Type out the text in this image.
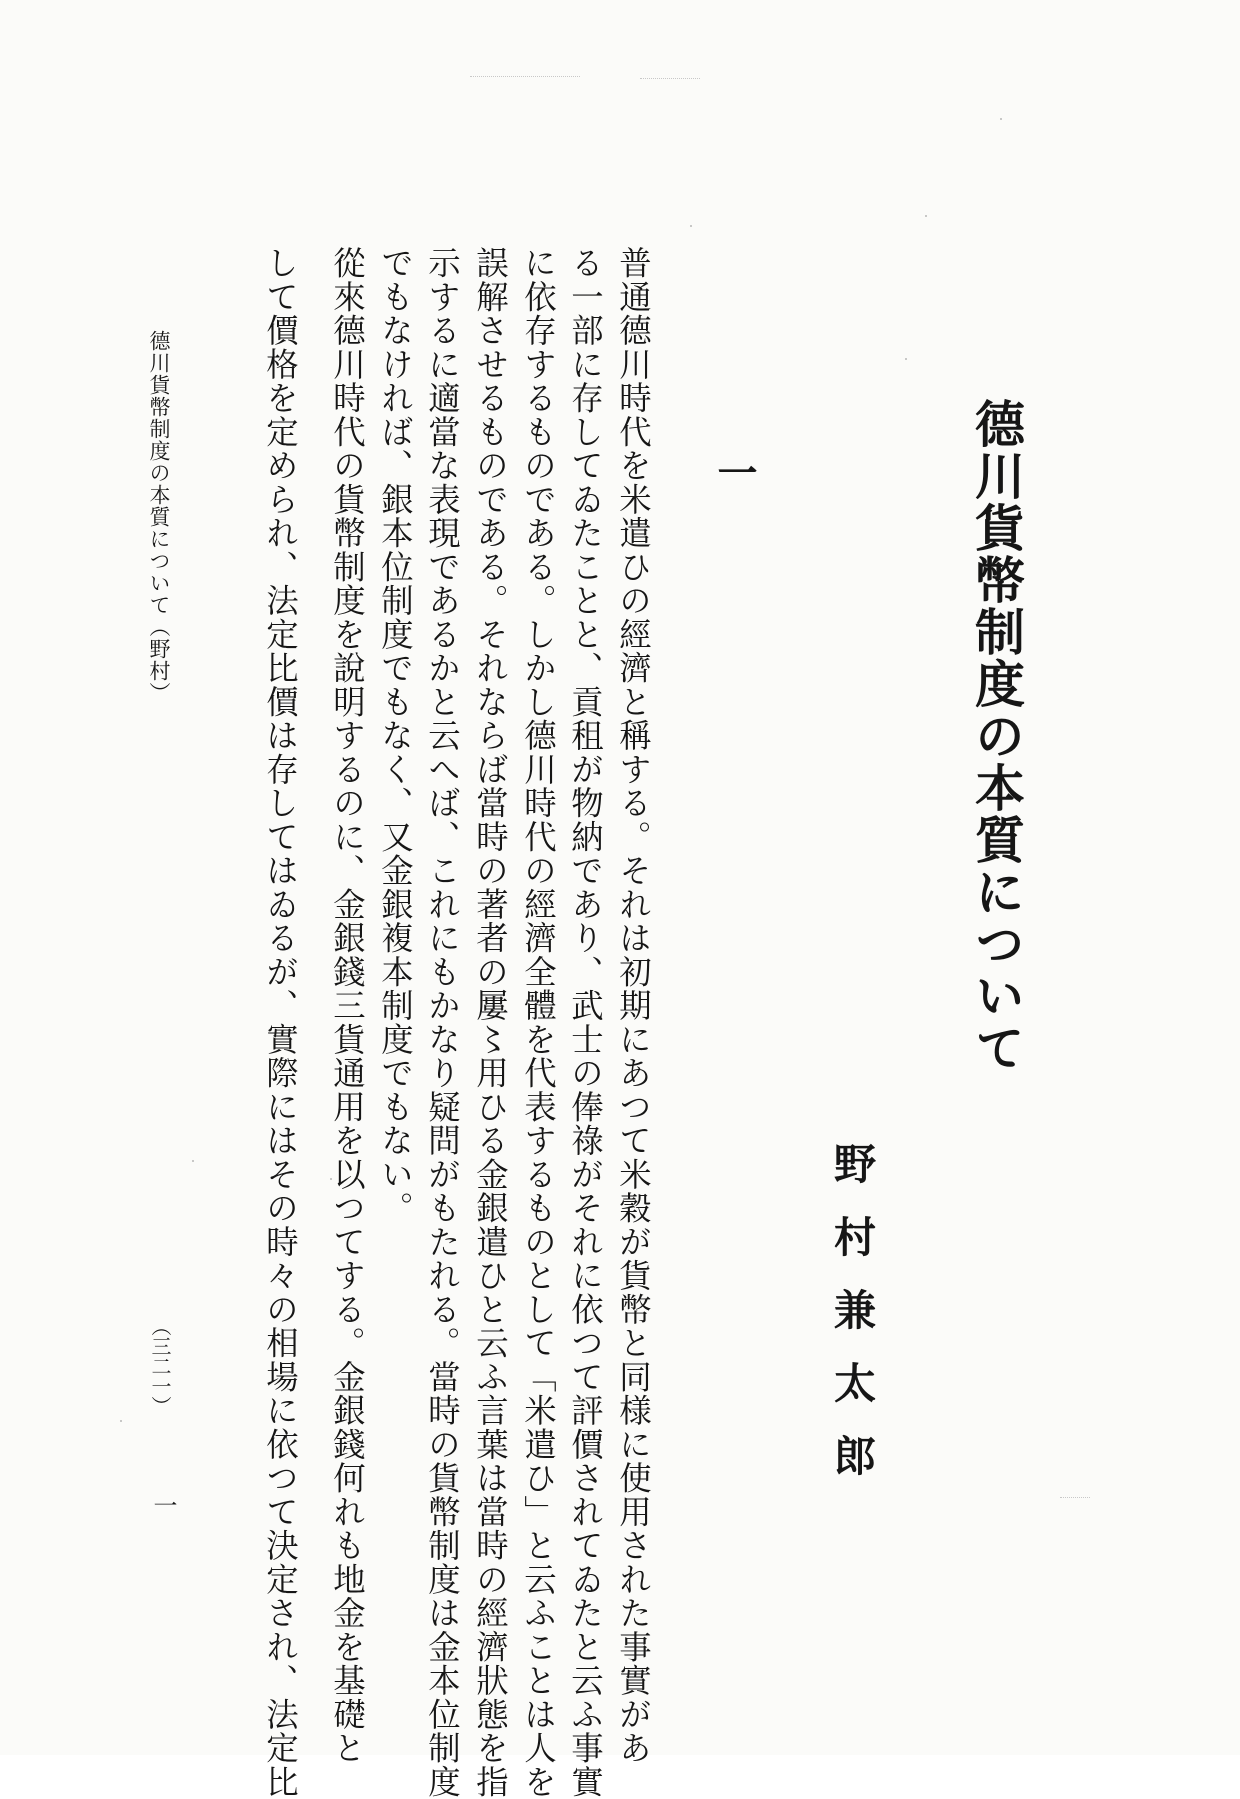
德川貨幣制度の本質について
野村兼太郎
一
普通德川時代を米遣ひの經濟と稱する。それは初期にあつて米穀が貨幣と同様に使用された事實があ
る一部に存してゐたことと、貢租が物納であり、武士の俸祿がそれに依つて評價されてゐたと云ふ事實
に依存するものである。しかし德川時代の經濟全體を代表するものとして「米遣ひ」と云ふことは人を
誤解させるものである。それならば當時の著者の屢〻用ひる金銀遣ひと云ふ言葉は當時の經濟狀態を指
示するに適當な表現であるかと云へば、これにもかなり疑問がもたれる。當時の貨幣制度は金本位制度
でもなければ、銀本位制度でもなく、又金銀複本制度でもない。
從來德川時代の貨幣制度を說明するのに、金銀錢三貨通用を以つてする。金銀錢何れも地金を基礎と
して價格を定められ、法定比價は存してはゐるが、實際にはその時々の相場に依つて決定され、法定比
德川貨幣制度の本質について（野村）
（三二一）
一
